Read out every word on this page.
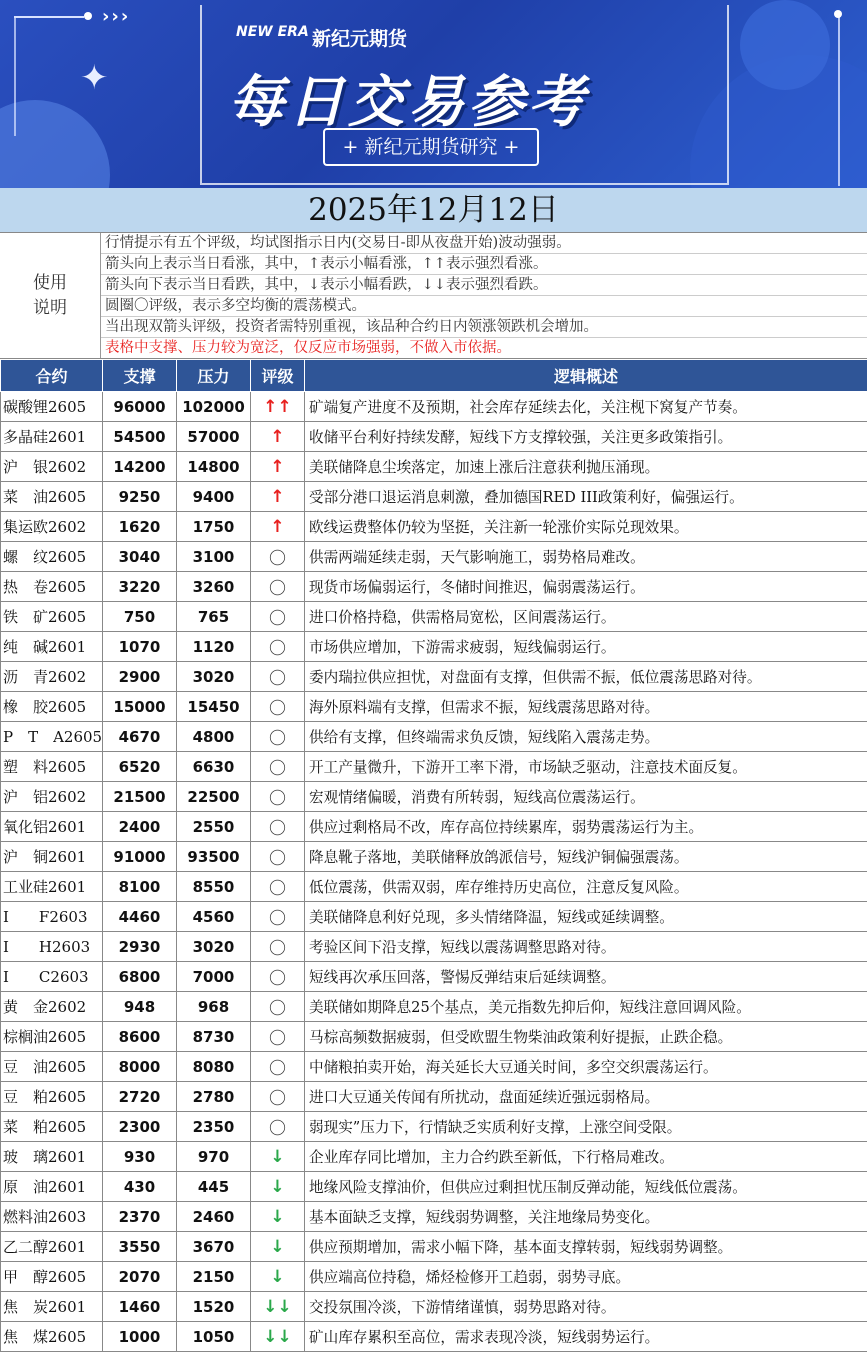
›››
✦
NEW ERA 新纪元期货
每日交易参考
+ 新纪元期货研究 +
2025年12月12日
使用说明
行情提示有五个评级，均试图指示日内(交易日-即从夜盘开始)波动强弱。
箭头向上表示当日看涨，其中，↑表示小幅看涨，↑↑表示强烈看涨。
箭头向下表示当日看跌，其中，↓表示小幅看跌，↓↓表示强烈看跌。
圆圈〇评级，表示多空均衡的震荡模式。
当出现双箭头评级，投资者需特别重视，该品种合约日内领涨领跌机会增加。
表格中支撑、压力较为宽泛，仅反应市场强弱，不做入市依据。
合约	支撑	压力	评级	逻辑概述
碳酸锂2605	96000	102000	↑↑	矿端复产进度不及预期，社会库存延续去化，关注枧下窝复产节奏。
多晶硅2601	54500	57000	↑	收储平台利好持续发酵，短线下方支撑较强，关注更多政策指引。
沪　银2602	14200	14800	↑	美联储降息尘埃落定，加速上涨后注意获利抛压涌现。
菜　油2605	9250	9400	↑	受部分港口退运消息刺激，叠加德国RED III政策利好，偏强运行。
集运欧2602	1620	1750	↑	欧线运费整体仍较为坚挺，关注新一轮涨价实际兑现效果。
螺　纹2605	3040	3100	〇	供需两端延续走弱，天气影响施工，弱势格局难改。
热　卷2605	3220	3260	〇	现货市场偏弱运行，冬储时间推迟，偏弱震荡运行。
铁　矿2605	750	765	〇	进口价格持稳，供需格局宽松，区间震荡运行。
纯　碱2601	1070	1120	〇	市场供应增加，下游需求疲弱，短线偏弱运行。
沥　青2602	2900	3020	〇	委内瑞拉供应担忧，对盘面有支撑，但供需不振，低位震荡思路对待。
橡　胶2605	15000	15450	〇	海外原料端有支撑，但需求不振，短线震荡思路对待。
P　T　A2605	4670	4800	〇	供给有支撑，但终端需求负反馈，短线陷入震荡走势。
塑　料2605	6520	6630	〇	开工产量微升，下游开工率下滑，市场缺乏驱动，注意技术面反复。
沪　铝2602	21500	22500	〇	宏观情绪偏暖，消费有所转弱，短线高位震荡运行。
氧化铝2601	2400	2550	〇	供应过剩格局不改，库存高位持续累库，弱势震荡运行为主。
沪　铜2601	91000	93500	〇	降息靴子落地，美联储释放鸽派信号，短线沪铜偏强震荡。
工业硅2601	8100	8550	〇	低位震荡，供需双弱，库存维持历史高位，注意反复风险。
I　　F2603	4460	4560	〇	美联储降息利好兑现，多头情绪降温，短线或延续调整。
I　　H2603	2930	3020	〇	考验区间下沿支撑，短线以震荡调整思路对待。
I　　C2603	6800	7000	〇	短线再次承压回落，警惕反弹结束后延续调整。
黄　金2602	948	968	〇	美联储如期降息25个基点，美元指数先抑后仰，短线注意回调风险。
棕榈油2605	8600	8730	〇	马棕高频数据疲弱，但受欧盟生物柴油政策利好提振，止跌企稳。
豆　油2605	8000	8080	〇	中储粮拍卖开始，海关延长大豆通关时间，多空交织震荡运行。
豆　粕2605	2720	2780	〇	进口大豆通关传闻有所扰动，盘面延续近强远弱格局。
菜　粕2605	2300	2350	〇	弱现实”压力下，行情缺乏实质利好支撑，上涨空间受限。
玻　璃2601	930	970	↓	企业库存同比增加，主力合约跌至新低，下行格局难改。
原　油2601	430	445	↓	地缘风险支撑油价，但供应过剩担忧压制反弹动能，短线低位震荡。
燃料油2603	2370	2460	↓	基本面缺乏支撑，短线弱势调整，关注地缘局势变化。
乙二醇2601	3550	3670	↓	供应预期增加，需求小幅下降，基本面支撑转弱，短线弱势调整。
甲　醇2605	2070	2150	↓	供应端高位持稳，烯烃检修开工趋弱，弱势寻底。
焦　炭2601	1460	1520	↓↓	交投氛围冷淡，下游情绪谨慎，弱势思路对待。
焦　煤2605	1000	1050	↓↓	矿山库存累积至高位，需求表现冷淡，短线弱势运行。
